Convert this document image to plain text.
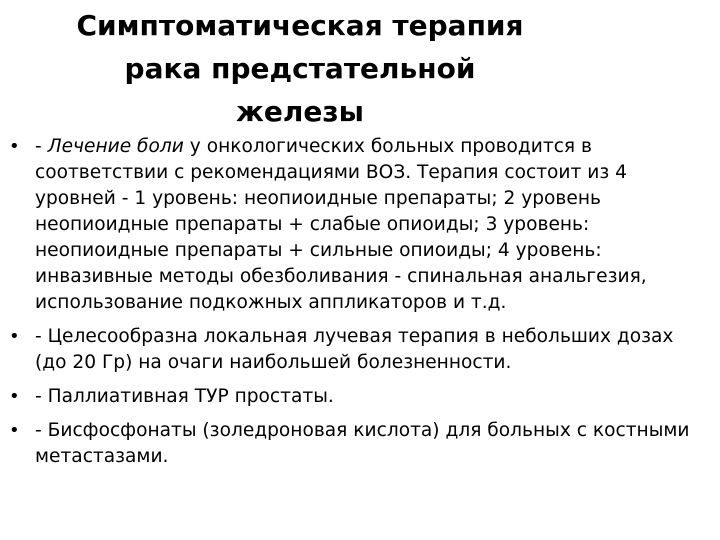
Симптоматическая терапия
рака предстательной
железы
• - Лечение боли у онкологических больных проводится в соответствии с рекомендациями ВОЗ. Терапия состоит из 4 уровней - 1 уровень: неопиоидные препараты; 2 уровень неопиоидные препараты + слабые опиоиды; 3 уровень: неопиоидные препараты + сильные опиоиды; 4 уровень: инвазивные методы обезболивания - спинальная анальгезия, использование подкожных аппликаторов и т.д.
• - Целесообразна локальная лучевая терапия в небольших дозах (до 20 Гр) на очаги наибольшей болезненности.
• - Паллиативная ТУР простаты.
• - Бисфосфонаты (золедроновая кислота) для больных с костными метастазами.
